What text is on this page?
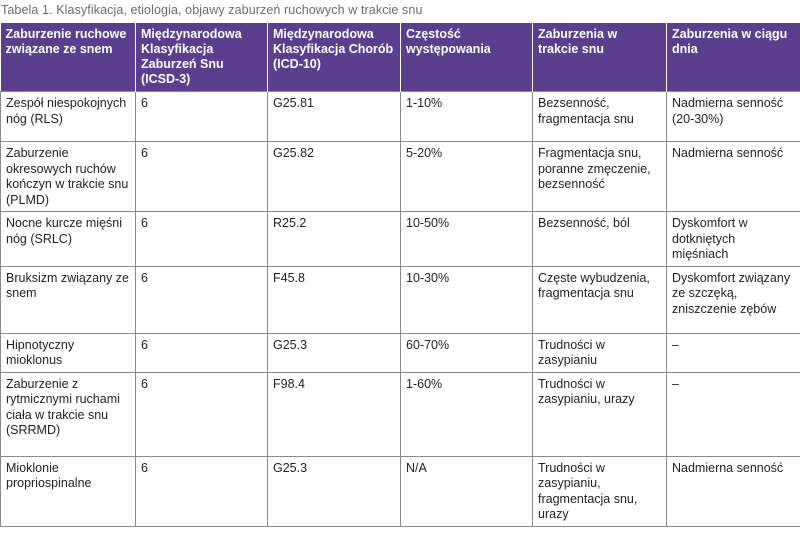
Tabela 1. Klasyfikacja, etiologia, objawy zaburzeń ruchowych w trakcie snu
Zaburzenie ruchowe związane ze snem	Międzynarodowa Klasyfikacja Zaburzeń Snu (ICSD-3)	Międzynarodowa Klasyfikacja Chorób (ICD-10)	Częstość występowania	Zaburzenia w trakcie snu	Zaburzenia w ciągu dnia
Zespół niespokojnych nóg (RLS)	6	G25.81	1-10%	Bezsenność, fragmentacja snu	Nadmierna senność (20-30%)
Zaburzenie okresowych ruchów kończyn w trakcie snu (PLMD)	6	G25.82	5-20%	Fragmentacja snu, poranne zmęczenie, bezsenność	Nadmierna senność
Nocne kurcze mięśni nóg (SRLC)	6	R25.2	10-50%	Bezsenność, ból	Dyskomfort w dotkniętych mięśniach
Bruksizm związany ze snem	6	F45.8	10-30%	Częste wybudzenia, fragmentacja snu	Dyskomfort związany ze szczęką, zniszczenie zębów
Hipnotyczny mioklonus	6	G25.3	60-70%	Trudności w zasypianiu	–
Zaburzenie z rytmicznymi ruchami ciała w trakcie snu (SRRMD)	6	F98.4	1-60%	Trudności w zasypianiu, urazy	–
Mioklonie propriospinalne	6	G25.3	N/A	Trudności w zasypianiu, fragmentacja snu, urazy	Nadmierna senność
